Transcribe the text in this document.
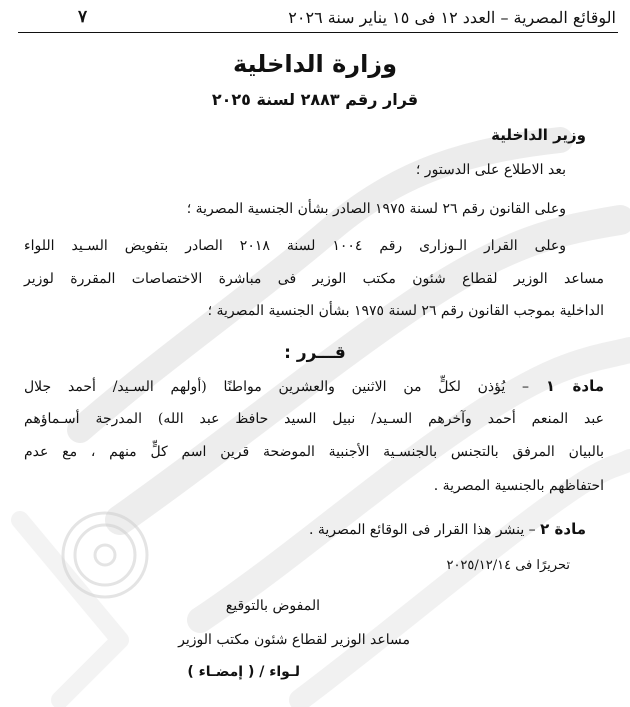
الوقائع المصرية – العدد ١٢ فى ١٥ يناير سنة ٢٠٢٦
٧
وزارة الداخلية
قرار رقم ٢٨٨٣ لسنة ٢٠٢٥
وزير الداخلية
بعد الاطلاع على الدستور ؛
وعلى القانون رقم ٢٦ لسنة ١٩٧٥ الصادر بشأن الجنسية المصرية ؛
وعلى القرار الـوزارى رقم ١٠٠٤ لسنة ٢٠١٨ الصادر بتفويض السـيد اللواء
مساعد الوزير لقطاع شئون مكتب الوزير فى مباشرة الاختصاصات المقررة لوزير
الداخلية بموجب القانون رقم ٢٦ لسنة ١٩٧٥ بشأن الجنسية المصرية ؛
قـــرر :
مادة ١ – يُؤذن لكلٍّ من الاثنين والعشرين مواطنًا (أولهم السـيد/ أحمد جلال
عبد المنعم أحمد وآخرهم السـيد/ نبيل السيد حافظ عبد الله) المدرجة أسـماؤهم
بالبيان المرفق بالتجنس بالجنسـية الأجنبية الموضحة قرين اسم كلٍّ منهم ، مع عدم
احتفاظهم بالجنسية المصرية .
مادة ٢ – ينشر هذا القرار فى الوقائع المصرية .
تحريرًا فى ٢٠٢٥/١٢/١٤
المفوض بالتوقيع
مساعد الوزير لقطاع شئون مكتب الوزير
لـواء / ( إمضـاء )
